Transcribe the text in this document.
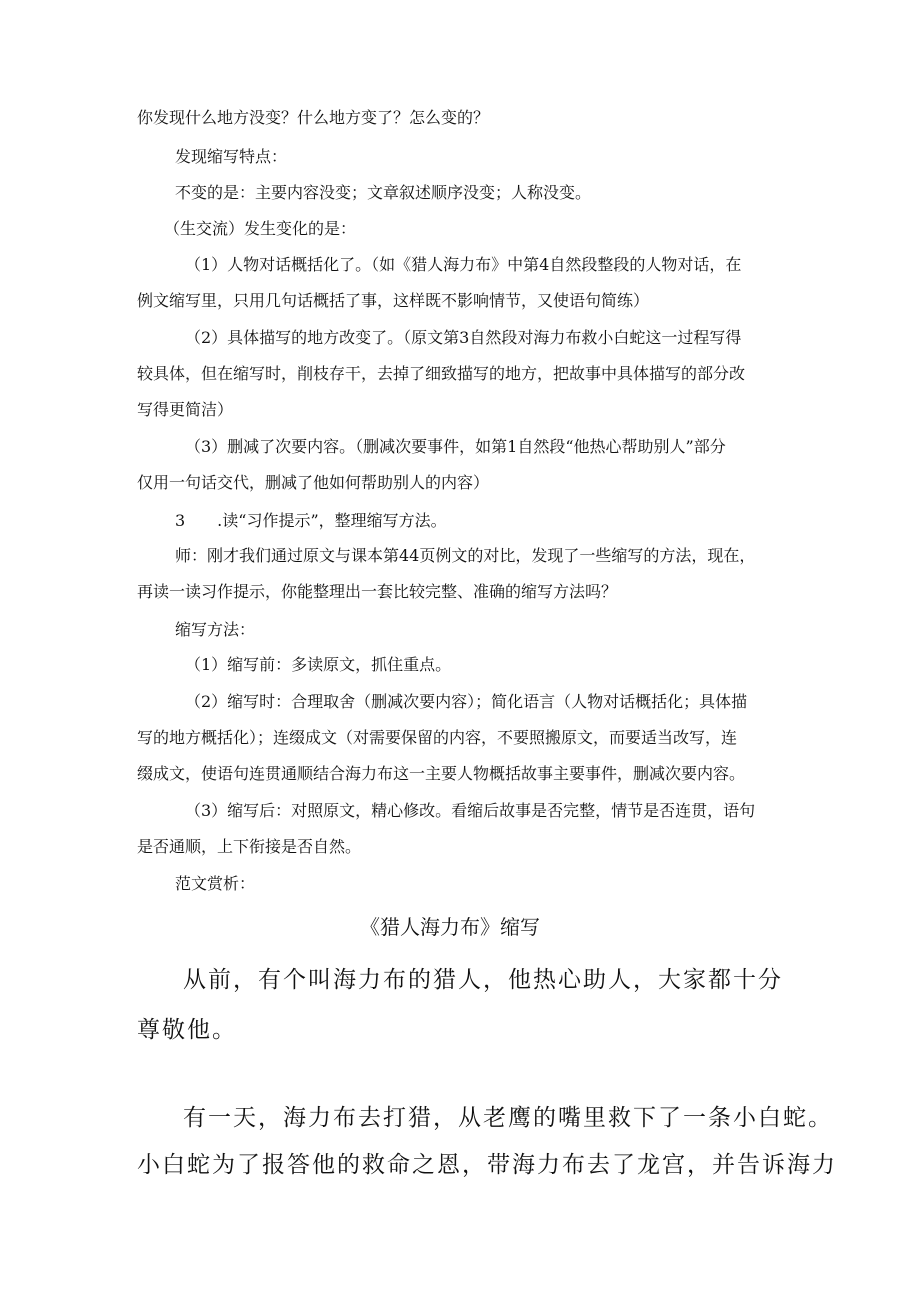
你发现什么地方没变？什么地方变了？怎么变的？
发现缩写特点：
不变的是：主要内容没变；文章叙述顺序没变；人称没变。
（生交流）发生变化的是：
（1）人物对话概括化了。（如《猎人海力布》中第4自然段整段的人物对话，在
例文缩写里，只用几句话概括了事，这样既不影响情节，又使语句简练）
（2）具体描写的地方改变了。（原文第3自然段对海力布救小白蛇这一过程写得
较具体，但在缩写时，削枝存干，去掉了细致描写的地方，把故事中具体描写的部分改
写得更简洁）
（3）删减了次要内容。（删减次要事件，如第1自然段“他热心帮助别人”部分
仅用一句话交代，删减了他如何帮助别人的内容）
3　　.读“习作提示”，整理缩写方法。
师：刚才我们通过原文与课本第44页例文的对比，发现了一些缩写的方法，现在，
再读一读习作提示，你能整理出一套比较完整、准确的缩写方法吗？
缩写方法：
（1）缩写前：多读原文，抓住重点。
（2）缩写时：合理取舍（删减次要内容）；简化语言（人物对话概括化；具体描
写的地方概括化）；连缀成文（对需要保留的内容，不要照搬原文，而要适当改写，连
缀成文，使语句连贯通顺结合海力布这一主要人物概括故事主要事件，删减次要内容。
（3）缩写后：对照原文，精心修改。看缩后故事是否完整，情节是否连贯，语句
是否通顺，上下衔接是否自然。
范文赏析：
《猎人海力布》缩写
从前，有个叫海力布的猎人，他热心助人，大家都十分
尊敬他。
有一天，海力布去打猎，从老鹰的嘴里救下了一条小白蛇。
小白蛇为了报答他的救命之恩，带海力布去了龙宫，并告诉海力
